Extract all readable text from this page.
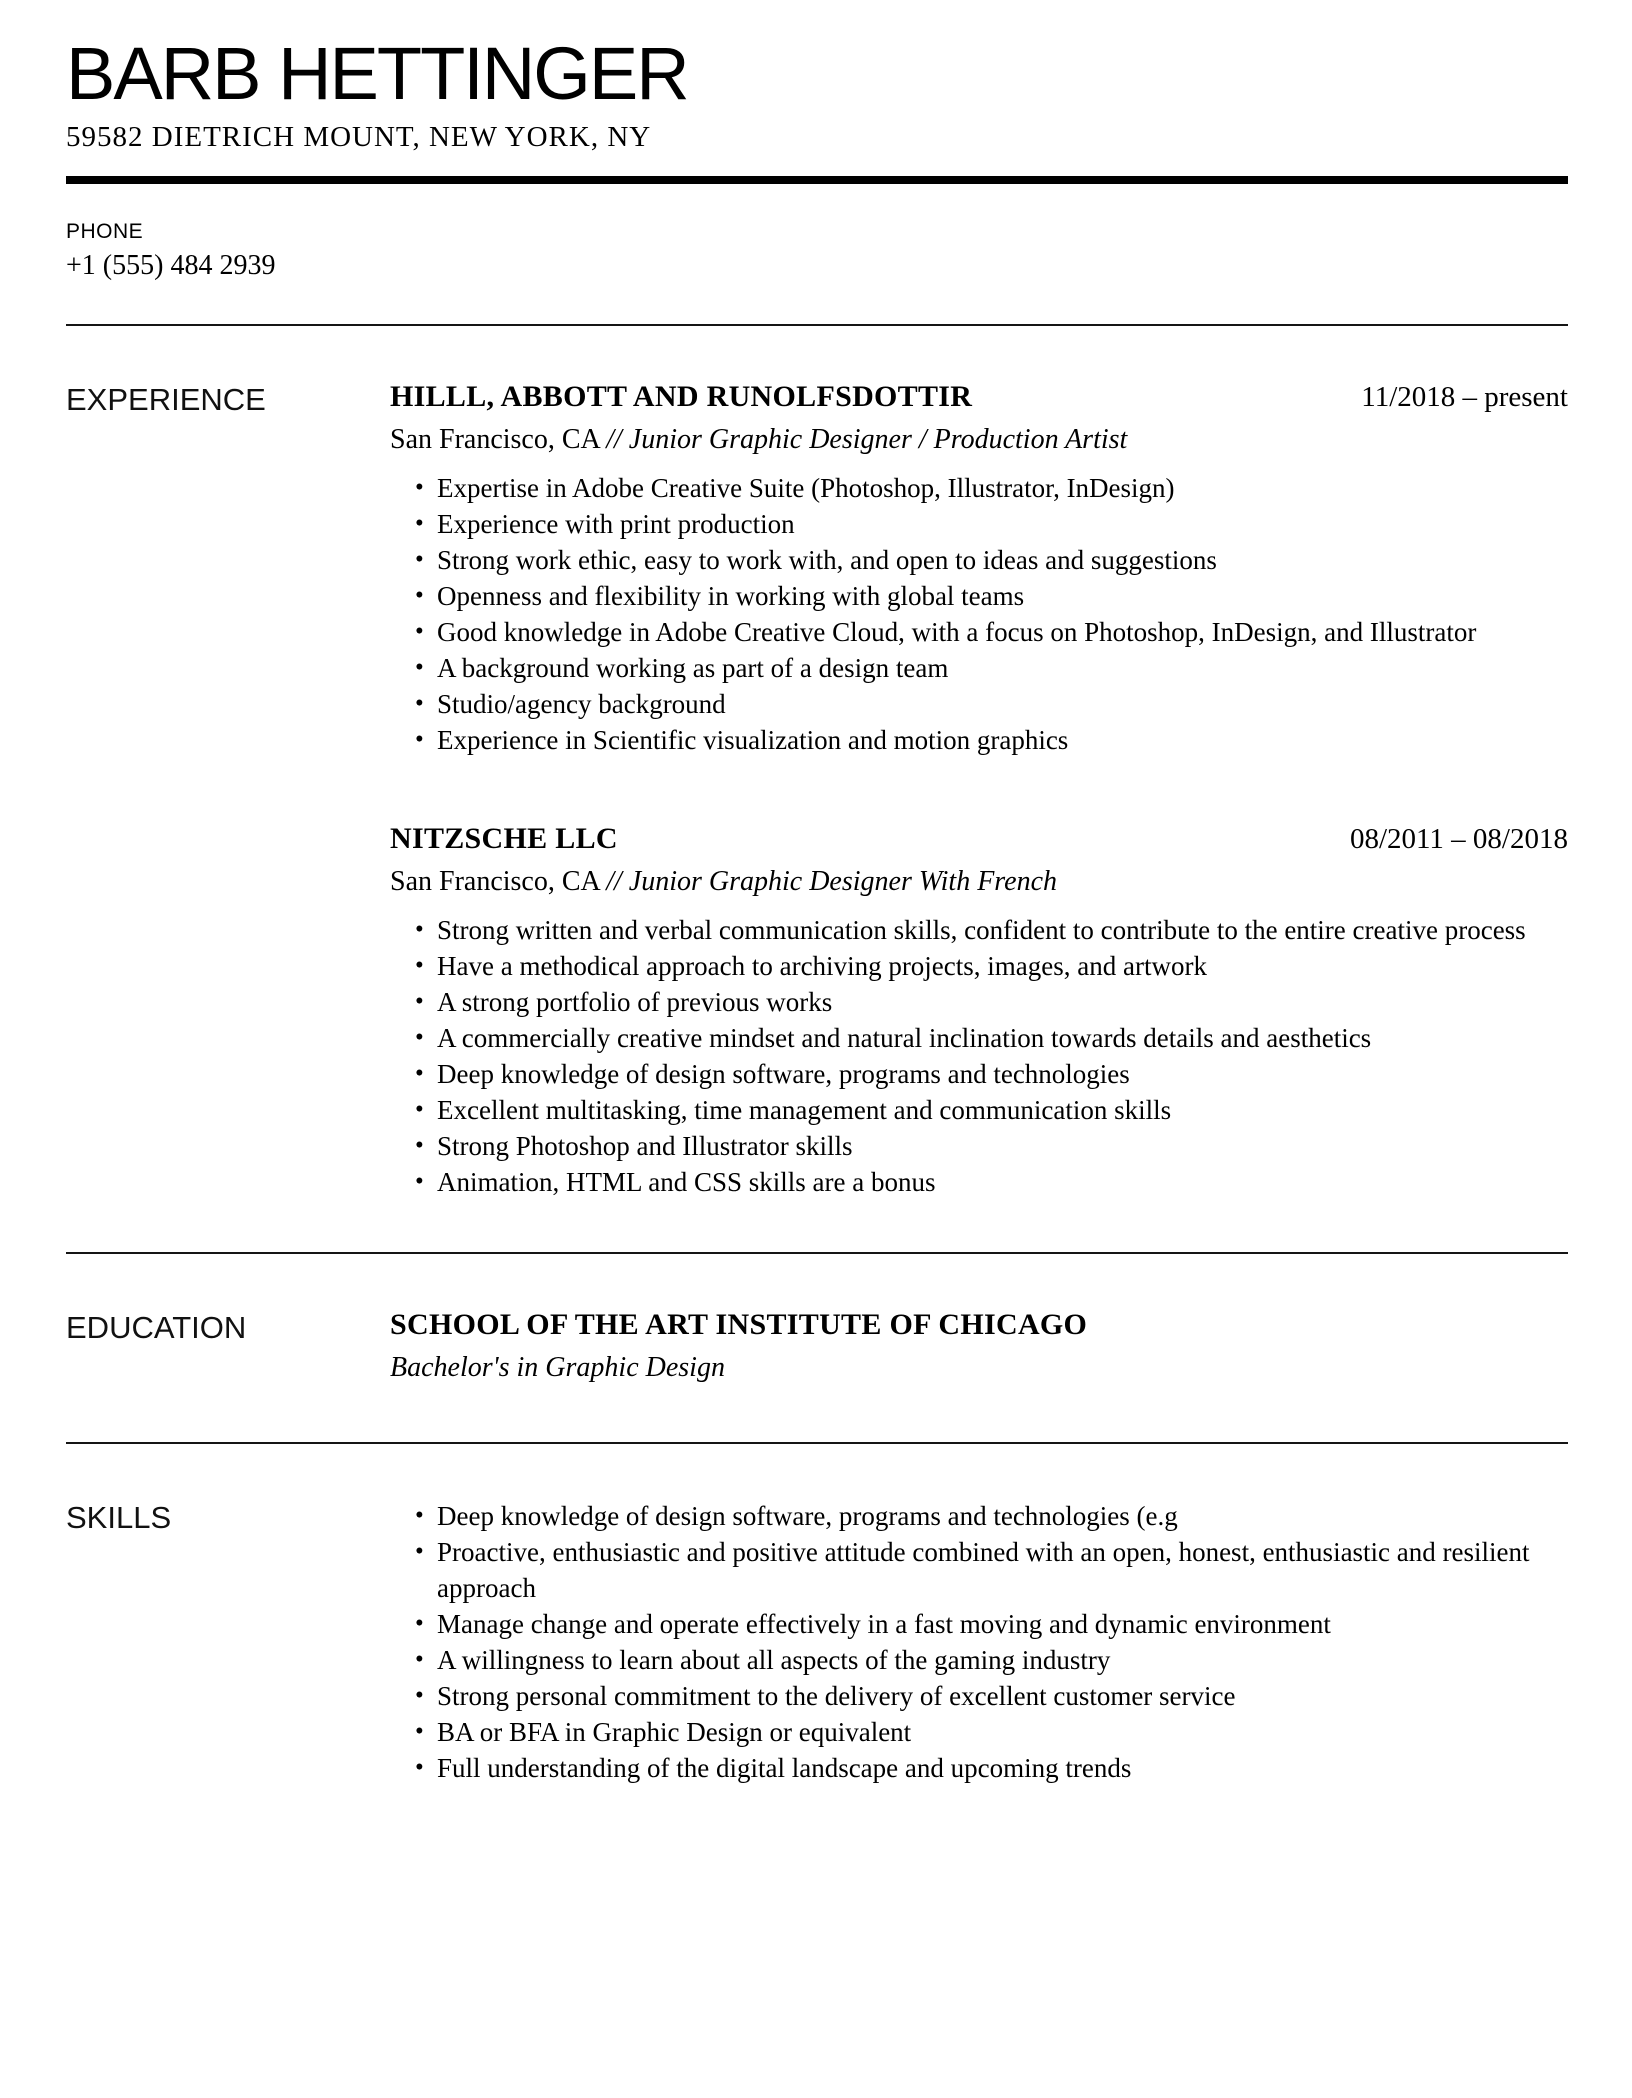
BARB HETTINGER
59582 DIETRICH MOUNT, NEW YORK, NY
PHONE
+1 (555) 484 2939
EXPERIENCE	HILLL, ABBOTT AND RUNOLFSDOTTIR	11/2018 – present
San Francisco, CA // Junior Graphic Designer / Production Artist
• Expertise in Adobe Creative Suite (Photoshop, Illustrator, InDesign)
• Experience with print production
• Strong work ethic, easy to work with, and open to ideas and suggestions
• Openness and flexibility in working with global teams
• Good knowledge in Adobe Creative Cloud, with a focus on Photoshop, InDesign, and Illustrator
• A background working as part of a design team
• Studio/agency background
• Experience in Scientific visualization and motion graphics
NITZSCHE LLC	08/2011 – 08/2018
San Francisco, CA // Junior Graphic Designer With French
• Strong written and verbal communication skills, confident to contribute to the entire creative process
• Have a methodical approach to archiving projects, images, and artwork
• A strong portfolio of previous works
• A commercially creative mindset and natural inclination towards details and aesthetics
• Deep knowledge of design software, programs and technologies
• Excellent multitasking, time management and communication skills
• Strong Photoshop and Illustrator skills
• Animation, HTML and CSS skills are a bonus
EDUCATION	SCHOOL OF THE ART INSTITUTE OF CHICAGO
Bachelor's in Graphic Design
SKILLS	• Deep knowledge of design software, programs and technologies (e.g
• Proactive, enthusiastic and positive attitude combined with an open, honest, enthusiastic and resilient approach
• Manage change and operate effectively in a fast moving and dynamic environment
• A willingness to learn about all aspects of the gaming industry
• Strong personal commitment to the delivery of excellent customer service
• BA or BFA in Graphic Design or equivalent
• Full understanding of the digital landscape and upcoming trends
